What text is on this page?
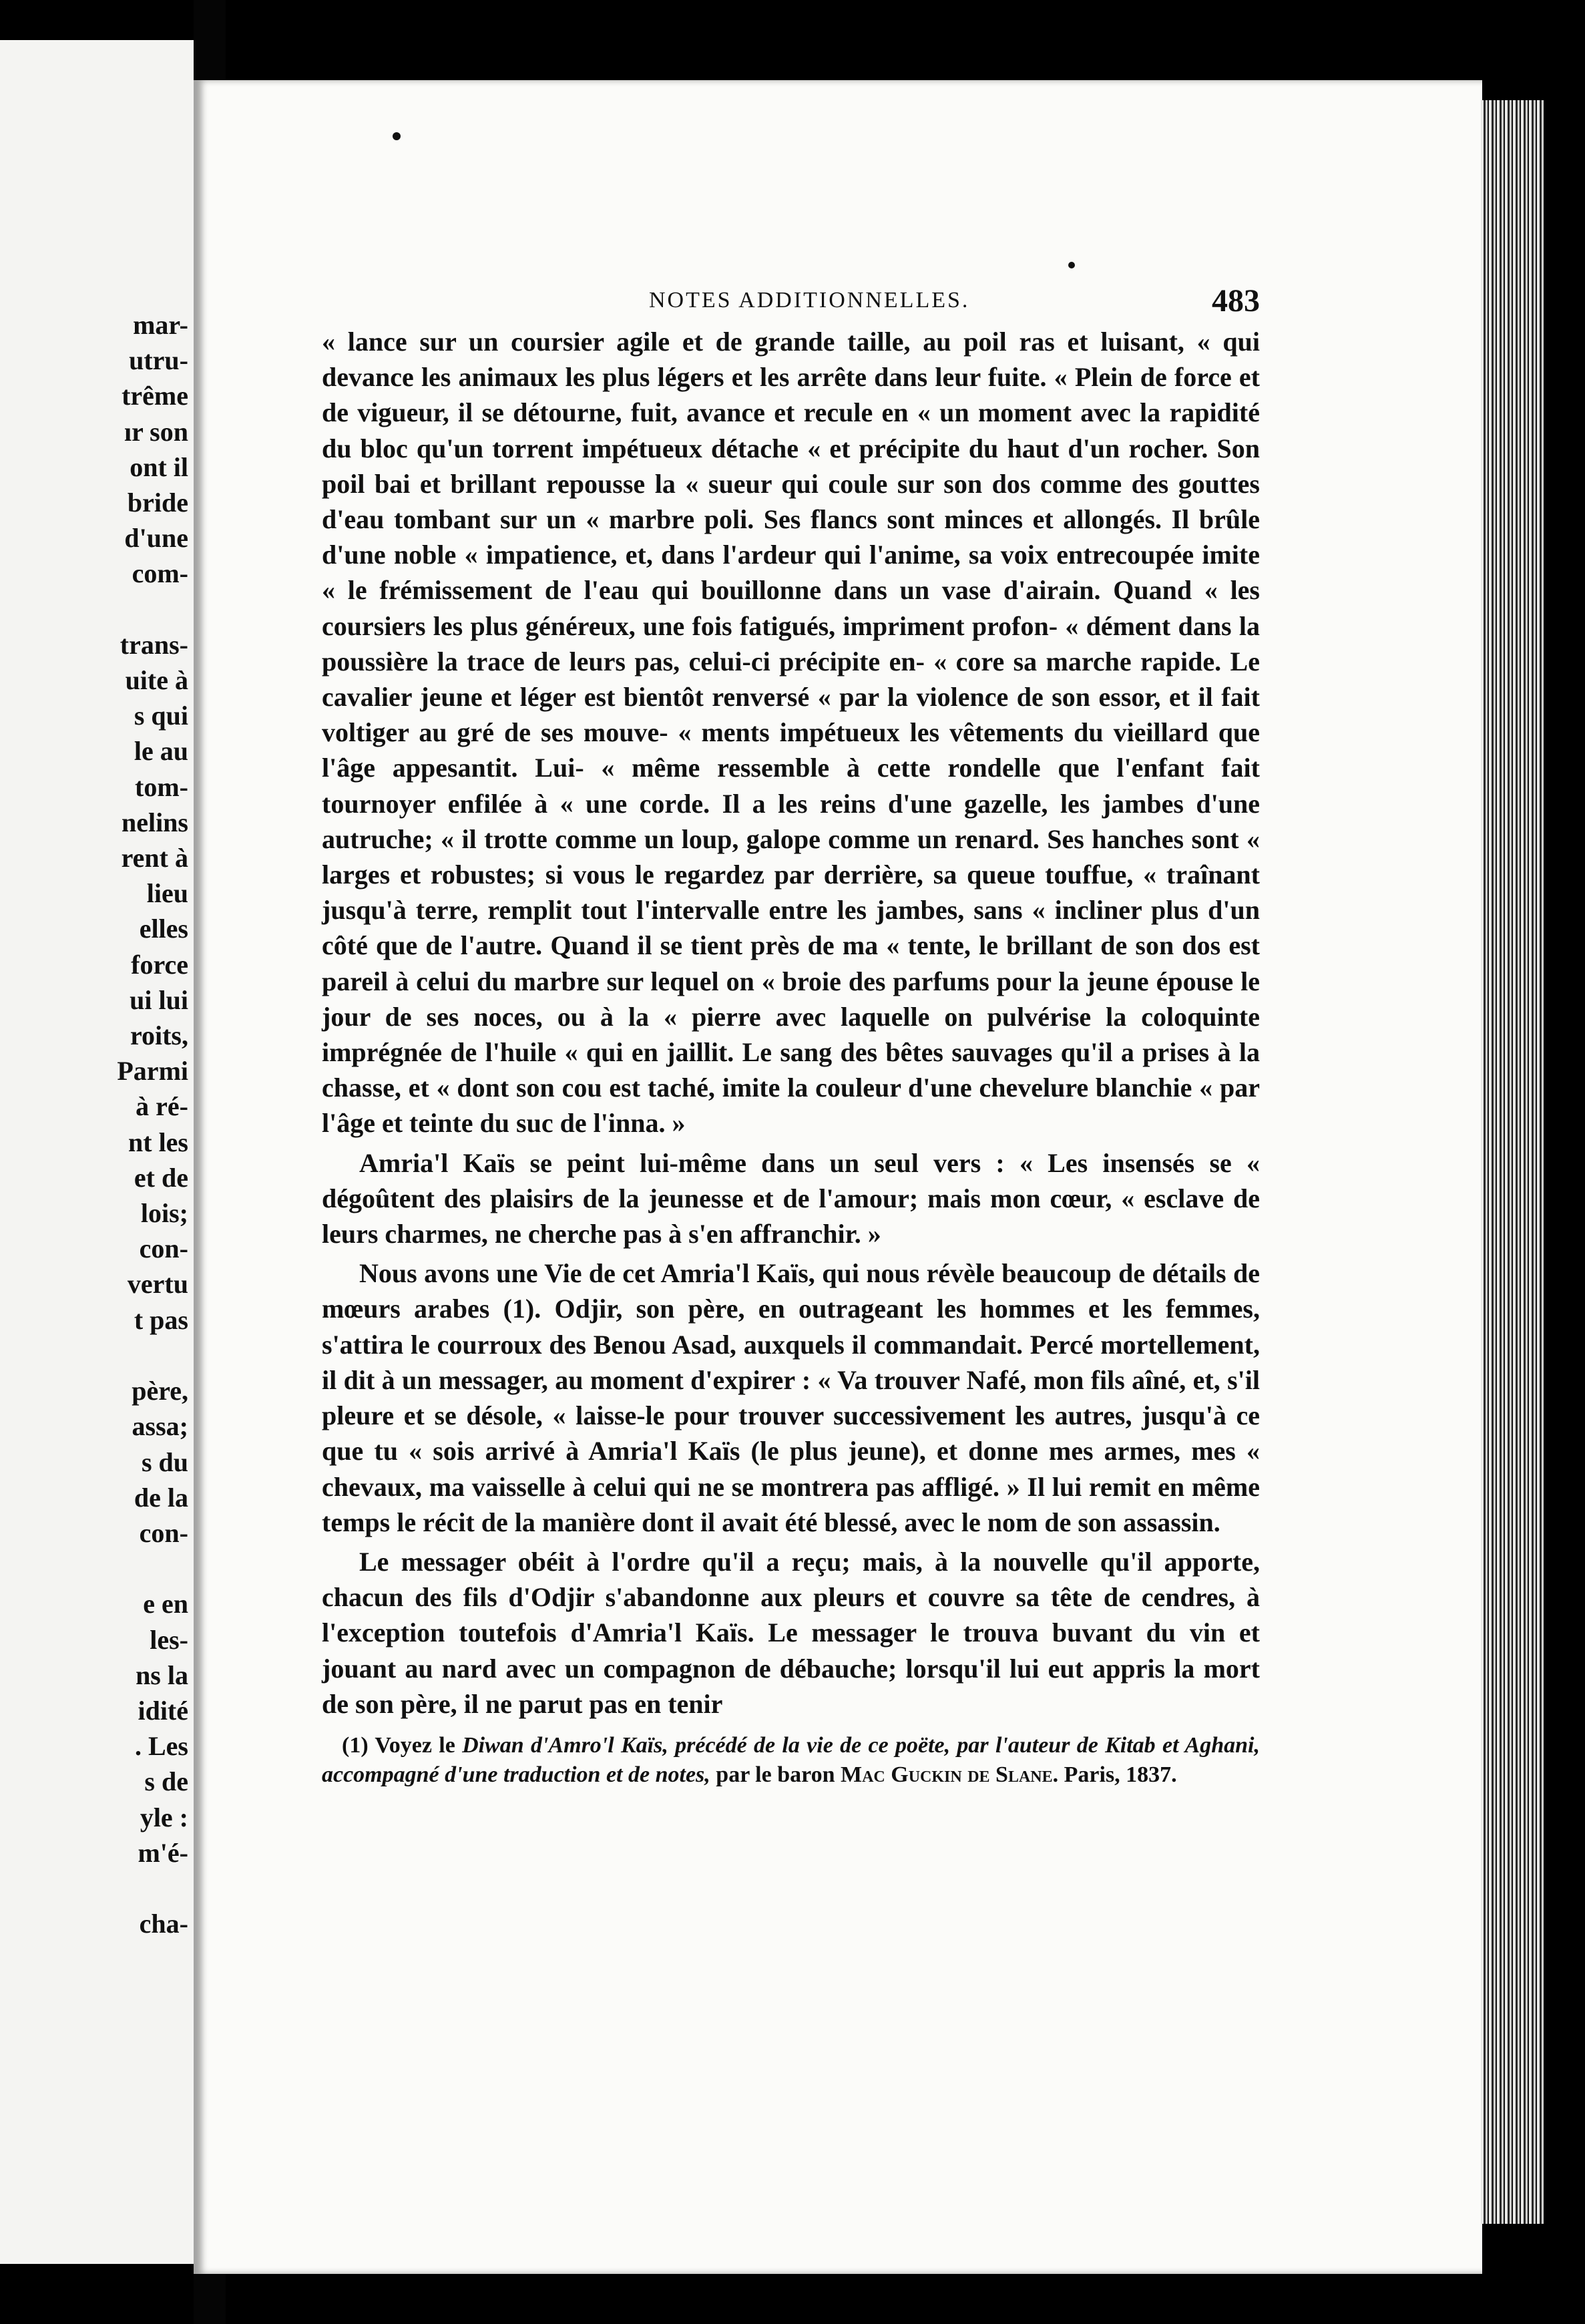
mar-
utru-
trême
ır son
ont il
bride
d'une
com-

trans-
uite à
s qui
le au
tom-
nelins
rent à
lieu
elles
force
ui lui
roits,
Parmi
à ré-
nt les
et de
lois;
con-
vertu
t pas

père,
assa;
s du
de la
con-

e en
les-
ns la
idité
. Les
s de
yle :
m'é-

cha-
NOTES ADDITIONNELLES.	483

« lance sur un coursier agile et de grande taille, au poil ras et luisant, « qui devance les animaux les plus légers et les arrête dans leur fuite. « Plein de force et de vigueur, il se détourne, fuit, avance et recule en « un moment avec la rapidité du bloc qu'un torrent impétueux détache « et précipite du haut d'un rocher. Son poil bai et brillant repousse la « sueur qui coule sur son dos comme des gouttes d'eau tombant sur un « marbre poli. Ses flancs sont minces et allongés. Il brûle d'une noble « impatience, et, dans l'ardeur qui l'anime, sa voix entrecoupée imite « le frémissement de l'eau qui bouillonne dans un vase d'airain. Quand « les coursiers les plus généreux, une fois fatigués, impriment profon- « dément dans la poussière la trace de leurs pas, celui-ci précipite en- « core sa marche rapide. Le cavalier jeune et léger est bientôt renversé « par la violence de son essor, et il fait voltiger au gré de ses mouve- « ments impétueux les vêtements du vieillard que l'âge appesantit. Lui- « même ressemble à cette rondelle que l'enfant fait tournoyer enfilée à « une corde. Il a les reins d'une gazelle, les jambes d'une autruche; « il trotte comme un loup, galope comme un renard. Ses hanches sont « larges et robustes; si vous le regardez par derrière, sa queue touffue, « traînant jusqu'à terre, remplit tout l'intervalle entre les jambes, sans « incliner plus d'un côté que de l'autre. Quand il se tient près de ma « tente, le brillant de son dos est pareil à celui du marbre sur lequel on « broie des parfums pour la jeune épouse le jour de ses noces, ou à la « pierre avec laquelle on pulvérise la coloquinte imprégnée de l'huile « qui en jaillit. Le sang des bêtes sauvages qu'il a prises à la chasse, et « dont son cou est taché, imite la couleur d'une chevelure blanchie « par l'âge et teinte du suc de l'inna. »

Amria'l Kaïs se peint lui-même dans un seul vers : « Les insensés se « dégoûtent des plaisirs de la jeunesse et de l'amour; mais mon cœur, « esclave de leurs charmes, ne cherche pas à s'en affranchir. »

Nous avons une Vie de cet Amria'l Kaïs, qui nous révèle beaucoup de détails de mœurs arabes (1). Odjir, son père, en outrageant les hommes et les femmes, s'attira le courroux des Benou Asad, auxquels il commandait. Percé mortellement, il dit à un messager, au moment d'expirer : « Va trouver Nafé, mon fils aîné, et, s'il pleure et se désole, « laisse-le pour trouver successivement les autres, jusqu'à ce que tu « sois arrivé à Amria'l Kaïs (le plus jeune), et donne mes armes, mes « chevaux, ma vaisselle à celui qui ne se montrera pas affligé. » Il lui remit en même temps le récit de la manière dont il avait été blessé, avec le nom de son assassin.

Le messager obéit à l'ordre qu'il a reçu; mais, à la nouvelle qu'il apporte, chacun des fils d'Odjir s'abandonne aux pleurs et couvre sa tête de cendres, à l'exception toutefois d'Amria'l Kaïs. Le messager le trouva buvant du vin et jouant au nard avec un compagnon de débauche; lorsqu'il lui eut appris la mort de son père, il ne parut pas en tenir

(1) Voyez le Diwan d'Amro'l Kaïs, précédé de la vie de ce poëte, par l'auteur de Kitab et Aghani, accompagné d'une traduction et de notes, par le baron Mac Guckin de Slane. Paris, 1837.
